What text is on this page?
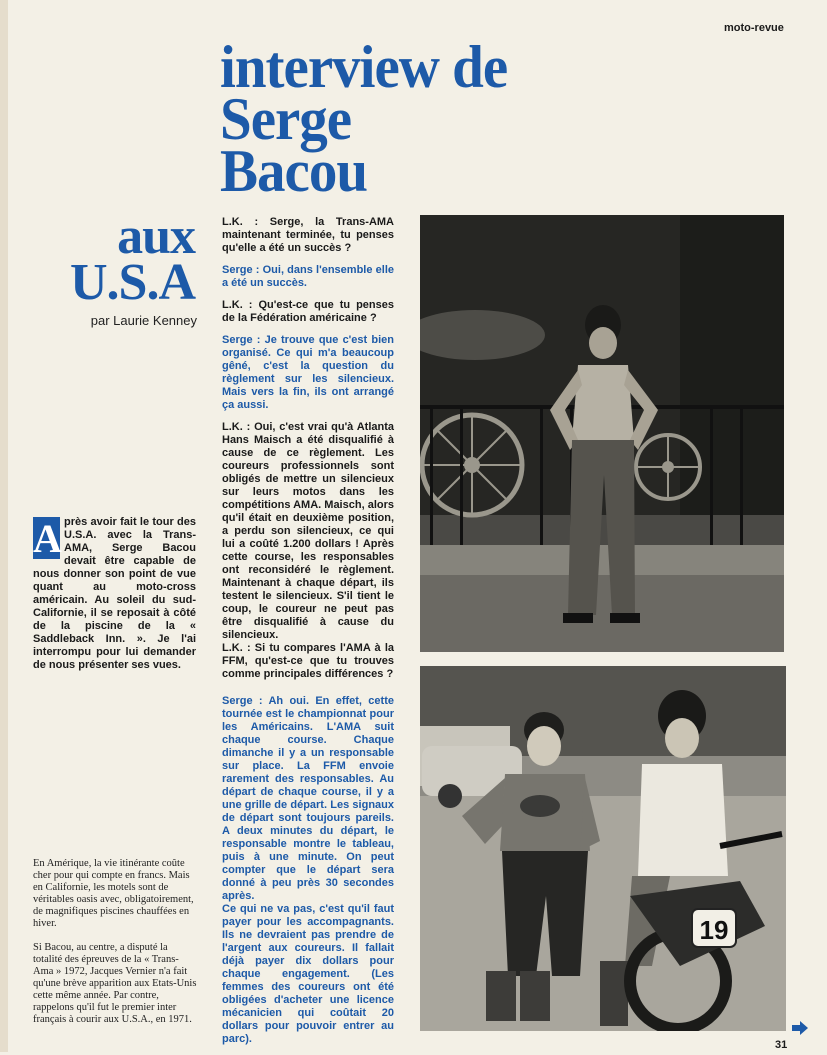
moto-revue
interview de
Serge
Bacou
aux
U.S.A
par Laurie Kenney
A près avoir fait le tour des U.S.A. avec la Trans-AMA, Serge Bacou devait être capable de nous donner son point de vue quant au moto-cross américain. Au soleil du sud-Californie, il se reposait à côté de la piscine de la « Saddleback Inn. ». Je l'ai interrompu pour lui demander de nous présenter ses vues.
En Amérique, la vie itinérante coûte cher pour qui compte en francs. Mais en Californie, les motels sont de véritables oasis avec, obligatoirement, de magnifiques piscines chauffées en hiver.
Si Bacou, au centre, a disputé la totalité des épreuves de la « Trans-Ama » 1972, Jacques Vernier n'a fait qu'une brève apparition aux Etats-Unis cette même année. Par contre, rappelons qu'il fut le premier inter français à courir aux U.S.A., en 1971.

L.K. : Serge, la Trans-AMA maintenant terminée, tu penses qu'elle a été un succès ?

Serge : Oui, dans l'ensemble elle a été un succès.

L.K. : Qu'est-ce que tu penses de la Fédération américaine ?

Serge : Je trouve que c'est bien organisé. Ce qui m'a beaucoup gêné, c'est la question du règlement sur les silencieux. Mais vers la fin, ils ont arrangé ça aussi.

L.K. : Oui, c'est vrai qu'à Atlanta Hans Maisch a été disqualifié à cause de ce règlement. Les coureurs professionnels sont obligés de mettre un silencieux sur leurs motos dans les compétitions AMA. Maisch, alors qu'il était en deuxième position, a perdu son silencieux, ce qui lui a coûté 1.200 dollars ! Après cette course, les responsables ont reconsidéré le règlement. Maintenant à chaque départ, ils testent le silencieux. S'il tient le coup, le coureur ne peut pas être disqualifié à cause du silencieux.

L.K. : Si tu compares l'AMA à la FFM, qu'est-ce que tu trouves comme principales différences ?

Serge : Ah oui. En effet, cette tournée est le championnat pour les Américains. L'AMA suit chaque course. Chaque dimanche il y a un responsable sur place. La FFM envoie rarement des responsables. Au départ de chaque course, il y a une grille de départ. Les signaux de départ sont toujours pareils. A deux minutes du départ, le responsable montre le tableau, puis à une minute. On peut compter que le départ sera donné à peu près 30 secondes après.

Ce qui ne va pas, c'est qu'il faut payer pour les accompagnants. Ils ne devraient pas prendre de l'argent aux coureurs. Il fallait déjà payer dix dollars pour chaque engagement. (Les femmes des coureurs ont été obligées d'acheter une licence mécanicien qui coûtait 20 dollars pour pouvoir entrer au parc).

19
31
